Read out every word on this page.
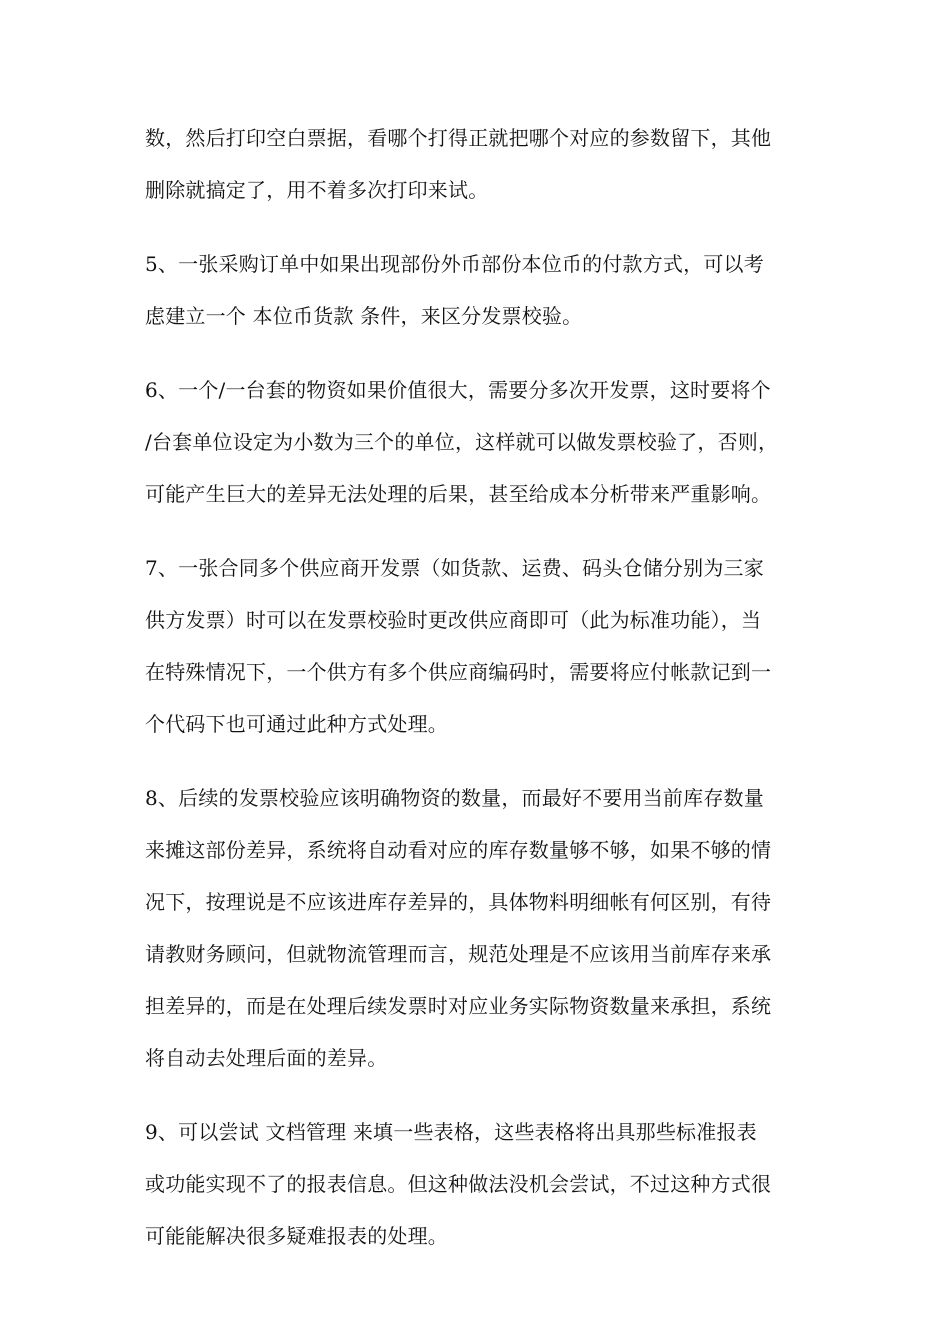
数，然后打印空白票据，看哪个打得正就把哪个对应的参数留下，其他
删除就搞定了，用不着多次打印来试。
5、一张采购订单中如果出现部份外币部份本位币的付款方式，可以考
虑建立一个 本位币货款 条件，来区分发票校验。
6、一个/一台套的物资如果价值很大，需要分多次开发票，这时要将个
/台套单位设定为小数为三个的单位，这样就可以做发票校验了，否则，
可能产生巨大的差异无法处理的后果，甚至给成本分析带来严重影响。
7、一张合同多个供应商开发票（如货款、运费、码头仓储分别为三家
供方发票）时可以在发票校验时更改供应商即可（此为标准功能），当
在特殊情况下，一个供方有多个供应商编码时，需要将应付帐款记到一
个代码下也可通过此种方式处理。
8、后续的发票校验应该明确物资的数量，而最好不要用当前库存数量
来摊这部份差异，系统将自动看对应的库存数量够不够，如果不够的情
况下，按理说是不应该进库存差异的，具体物料明细帐有何区别，有待
请教财务顾问，但就物流管理而言，规范处理是不应该用当前库存来承
担差异的，而是在处理后续发票时对应业务实际物资数量来承担，系统
将自动去处理后面的差异。
9、可以尝试 文档管理 来填一些表格，这些表格将出具那些标准报表
或功能实现不了的报表信息。但这种做法没机会尝试，不过这种方式很
可能能解决很多疑难报表的处理。
